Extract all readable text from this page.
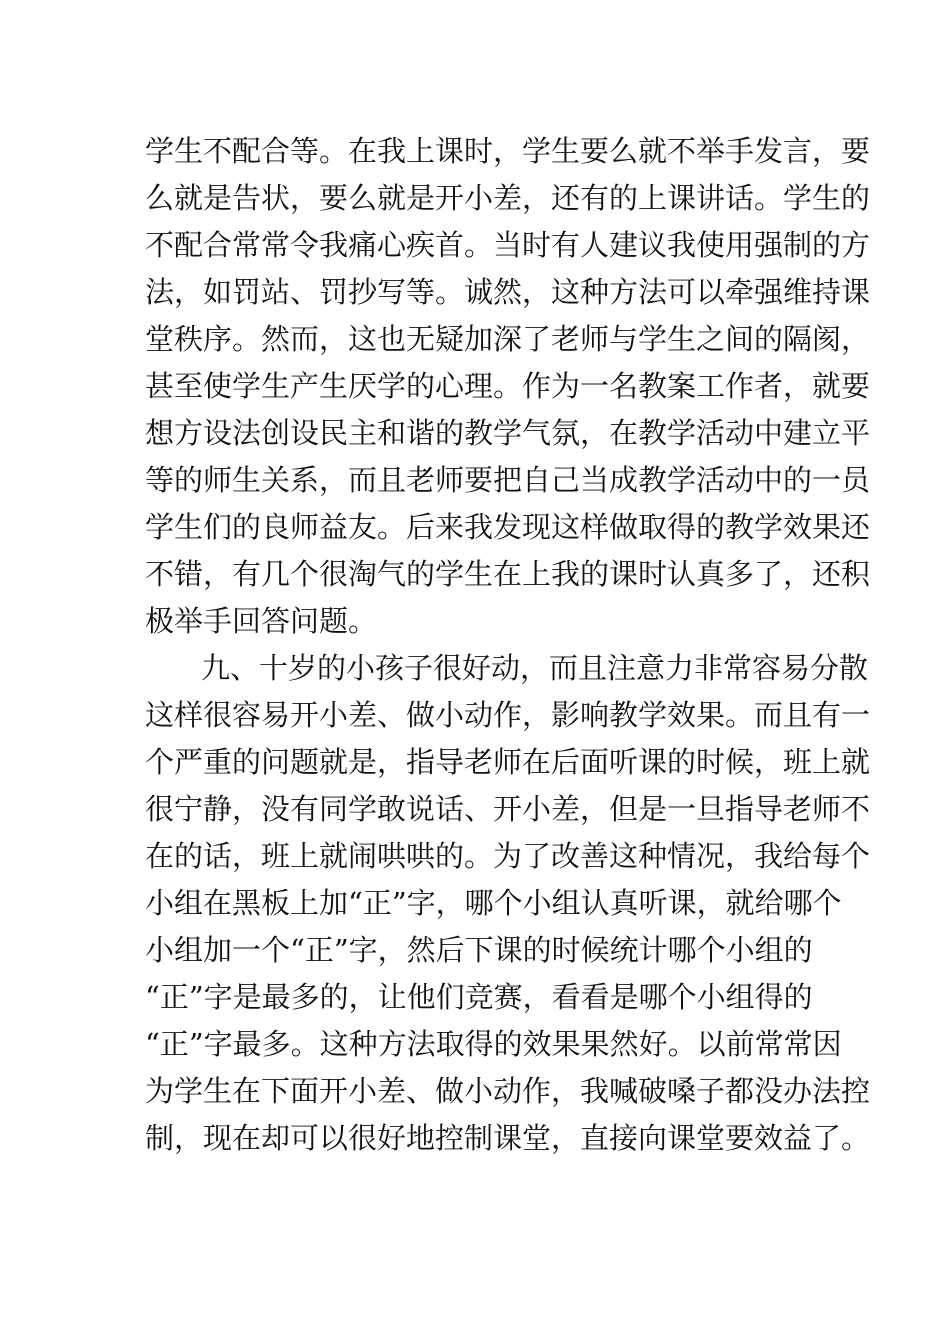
学生不配合等。在我上课时，学生要么就不举手发言，要
么就是告状，要么就是开小差，还有的上课讲话。学生的
不配合常常令我痛心疾首。当时有人建议我使用强制的方
法，如罚站、罚抄写等。诚然，这种方法可以牵强维持课
堂秩序。然而，这也无疑加深了老师与学生之间的隔阂，
甚至使学生产生厌学的心理。作为一名教案工作者，就要
想方设法创设民主和谐的教学气氛，在教学活动中建立平
等的师生关系，而且老师要把自己当成教学活动中的一员
学生们的良师益友。后来我发现这样做取得的教学效果还
不错，有几个很淘气的学生在上我的课时认真多了，还积
极举手回答问题。
九、十岁的小孩子很好动，而且注意力非常容易分散
这样很容易开小差、做小动作，影响教学效果。而且有一
个严重的问题就是，指导老师在后面听课的时候，班上就
很宁静，没有同学敢说话、开小差，但是一旦指导老师不
在的话，班上就闹哄哄的。为了改善这种情况，我给每个
小组在黑板上加“正”字，哪个小组认真听课，就给哪个
小组加一个“正”字，然后下课的时候统计哪个小组的
“正”字是最多的，让他们竞赛，看看是哪个小组得的
“正”字最多。这种方法取得的效果果然好。以前常常因
为学生在下面开小差、做小动作，我喊破嗓子都没办法控
制，现在却可以很好地控制课堂，直接向课堂要效益了。
